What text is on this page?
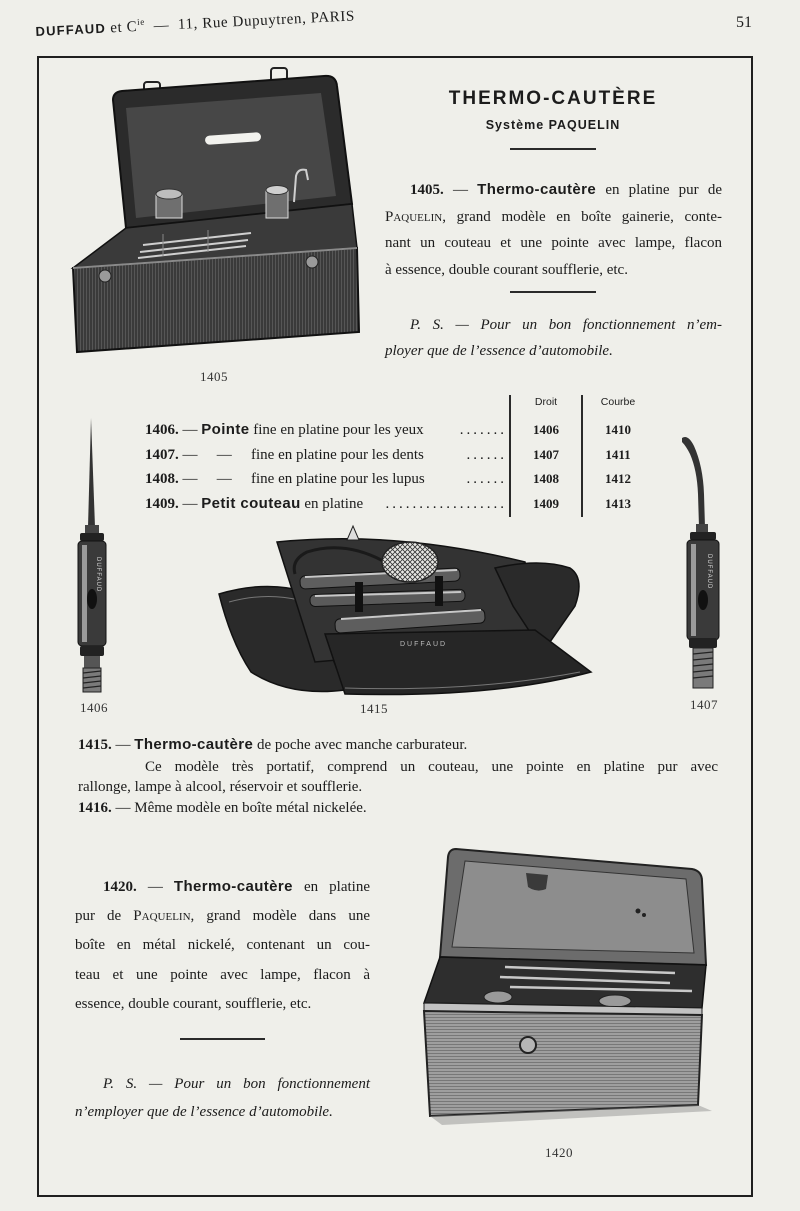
DUFFAUD et $C^{ie}$ — 11, Rue Dupuytren, PARIS	51
THERMO-CAUTÈRE
Système PAQUELIN
1405. — Thermo-cautère en platine pur de
Paquelin, grand modèle en boîte gainerie, conte-
nant un couteau et une pointe avec lampe, flacon
à essence, double courant soufflerie, etc.
P. S. — Pour un bon fonctionnement n’em-
ployer que de l’essence d’automobile.
1405
Droit	Courbe
1406. — Pointe fine en platine pour les yeux	.......	1406	1410
1407. — — fine en platine pour les dents	......	1407	1411
1408. — — fine en platine pour les lupus	......	1408	1412
1409. — Petit couteau en platine	..................	1409	1413
DUFFAUD
1406
DUFFAUD
1407
DUFFAUD
1415
1415. — Thermo-cautère de poche avec manche carburateur.
Ce modèle très portatif, comprend un couteau, une pointe en platine pur avec
rallonge, lampe à alcool, réservoir et soufflerie.
1416. — Même modèle en boîte métal nickelée.
1420. — Thermo-cautère en platine
pur de Paquelin, grand modèle dans une
boîte en métal nickelé, contenant un cou-
teau et une pointe avec lampe, flacon à
essence, double courant, soufflerie, etc.
P. S. — Pour un bon fonctionnement
n’employer que de l’essence d’automobile.
1420
